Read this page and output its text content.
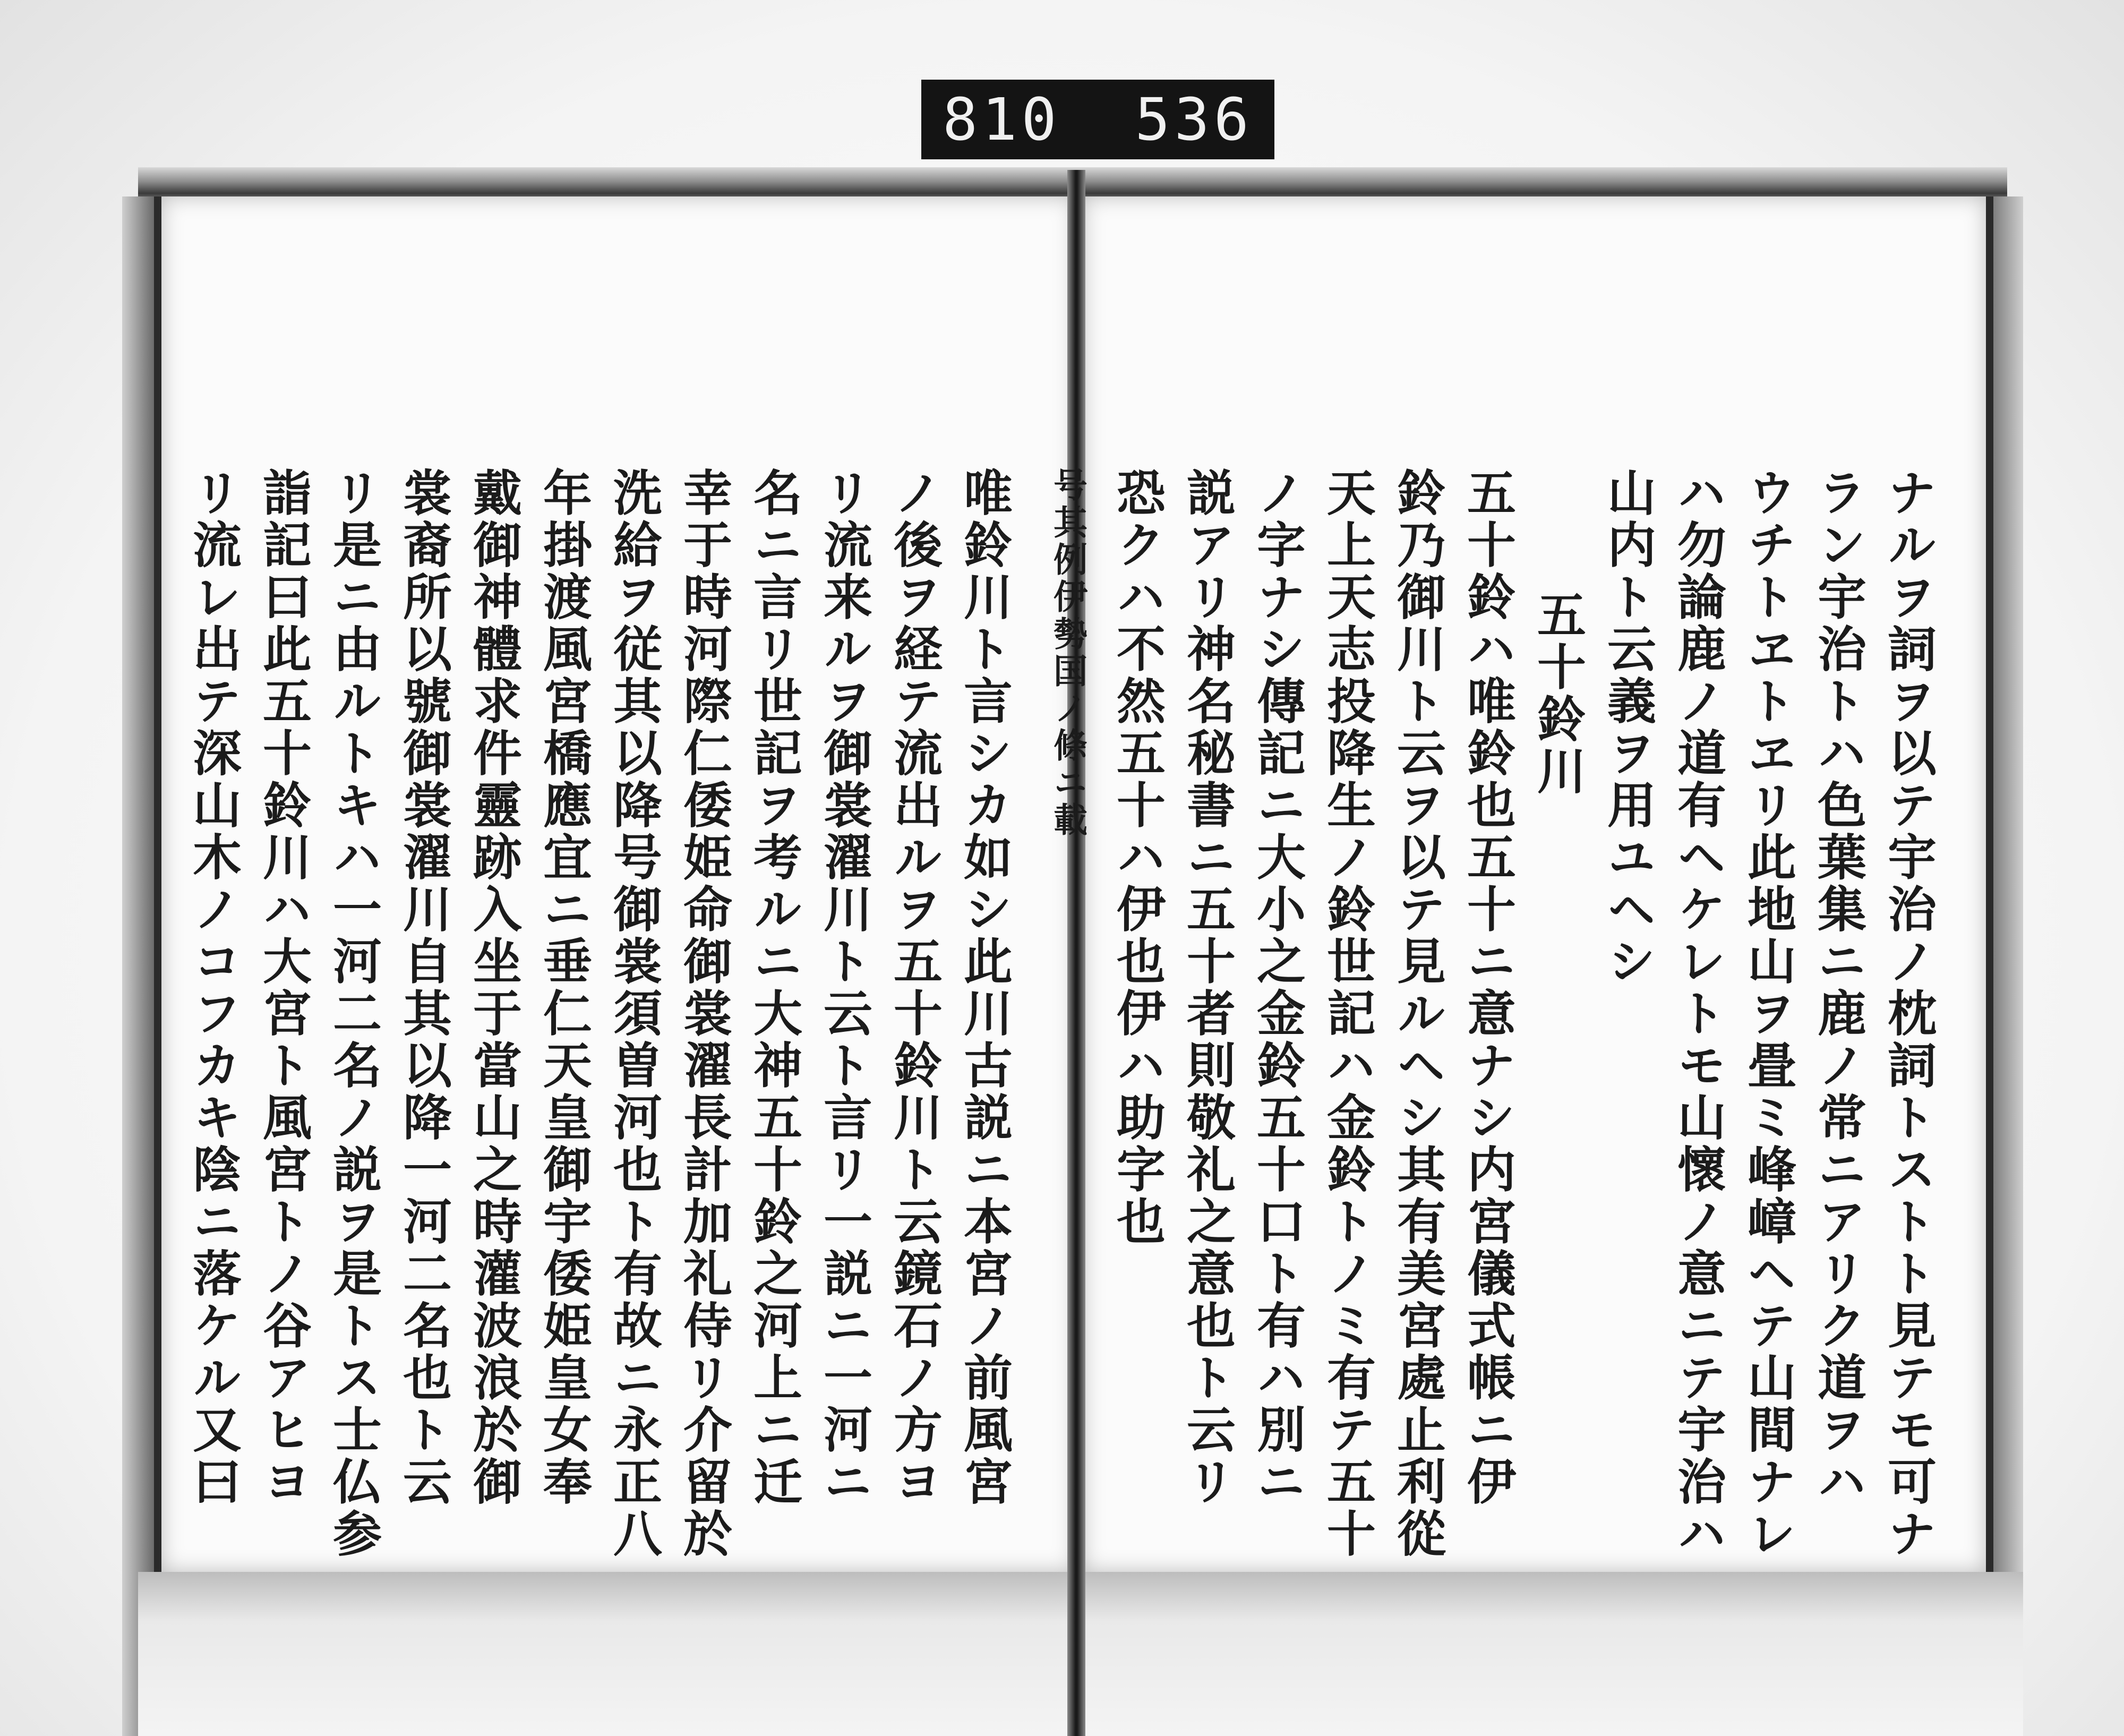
810 536
ナルヲ詞ヲ以テ宇治ノ枕詞トストト見テモ可ナ
ラン宇治トハ色葉集ニ鹿ノ常ニアリク道ヲハ
ウチトヱトヱリ此地山ヲ畳ミ峰嶂ヘテ山間ナレ
ハ勿論鹿ノ道有ヘケレトモ山懷ノ意ニテ宇治ハ
山内ト云義ヲ用ユヘシ
五十鈴川
五十鈴ハ唯鈴也五十ニ意ナシ内宮儀式帳ニ伊
鈴乃御川ト云ヲ以テ見ルヘシ其有美宮處止利從
天上天志投降生ノ鈴世記ハ金鈴トノミ有テ五十
ノ字ナシ傳記ニ大小之金鈴五十口ト有ハ別ニ
説アリ神名秘書ニ五十者則敬礼之意也ト云リ
恐クハ不然五十ハ伊也伊ハ助字也
号其例伊勢国ノ條ニ載
唯鈴川ト言シカ如シ此川古説ニ本宮ノ前風宮
ノ後ヲ経テ流出ルヲ五十鈴川ト云鏡石ノ方ヨ
リ流来ルヲ御裳濯川ト云ト言リ一説ニ一河ニ
名ニ言リ世記ヲ考ルニ大神五十鈴之河上ニ迁
幸于時河際仁倭姫命御裳濯長計加礼侍リ介留於
洗給ヲ従其以降号御裳須曽河也ト有故ニ永正八
年掛渡風宮橋應宜ニ垂仁天皇御宇倭姫皇女奉
戴御神體求件靈跡入坐于當山之時灌波浪於御
裳裔所以號御裳濯川自其以降一河二名也ト云
リ是ニ由ルトキハ一河二名ノ説ヲ是トス士仏参
詣記曰此五十鈴川ハ大宮ト風宮トノ谷アヒヨ
リ流レ出テ深山木ノコフカキ陰ニ落ケル又曰
